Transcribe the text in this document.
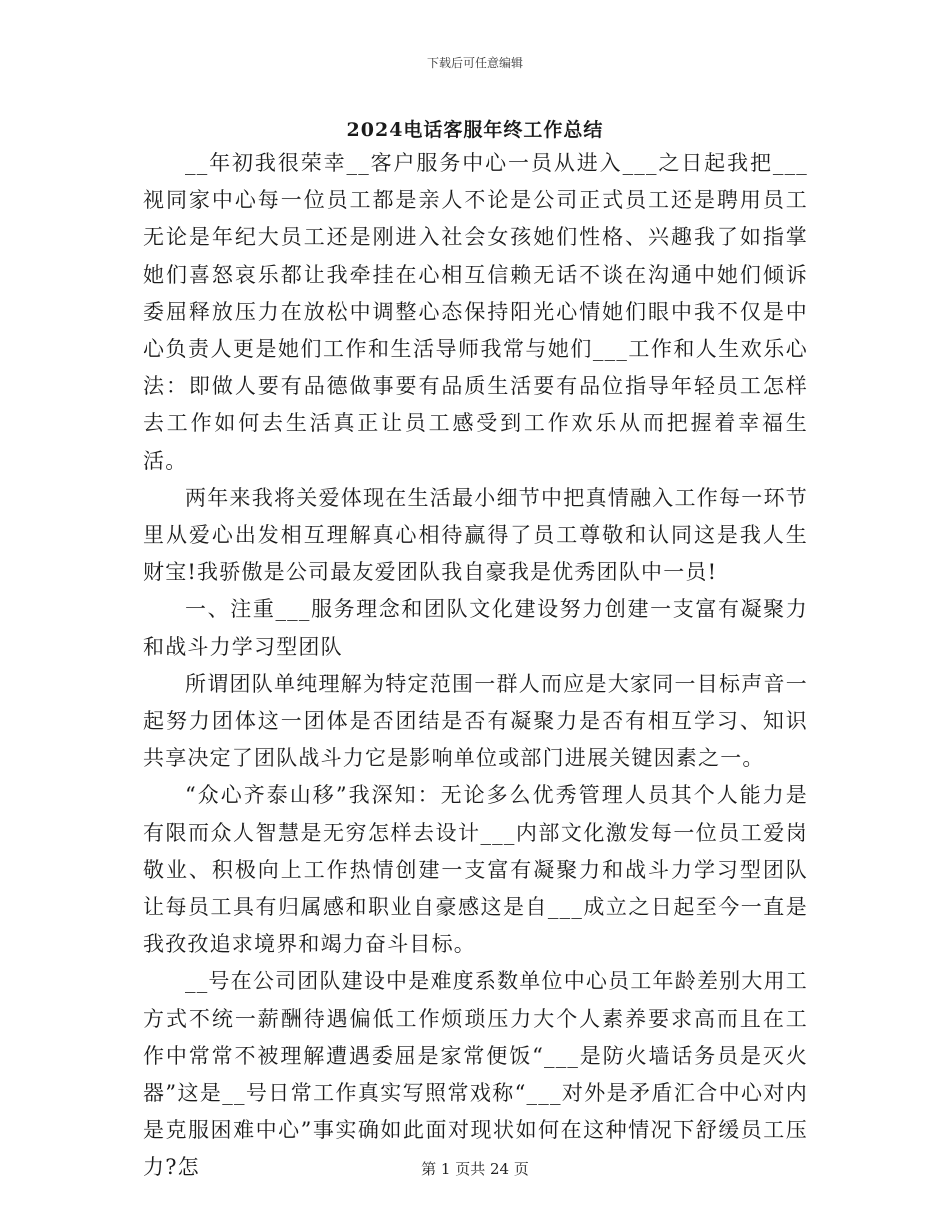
下载后可任意编辑
2024电话客服年终工作总结

__年初我很荣幸__客户服务中心一员从进入___之日起我把___视同家中心每一位员工都是亲人不论是公司正式员工还是聘用员工无论是年纪大员工还是刚进入社会女孩她们性格、兴趣我了如指掌她们喜怒哀乐都让我牵挂在心相互信赖无话不谈在沟通中她们倾诉委屈释放压力在放松中调整心态保持阳光心情她们眼中我不仅是中心负责人更是她们工作和生活导师我常与她们___工作和人生欢乐心法：即做人要有品德做事要有品质生活要有品位指导年轻员工怎样去工作如何去生活真正让员工感受到工作欢乐从而把握着幸福生活。

两年来我将关爱体现在生活最小细节中把真情融入工作每一环节里从爱心出发相互理解真心相待赢得了员工尊敬和认同这是我人生财宝!我骄傲是公司最友爱团队我自豪我是优秀团队中一员!

一、注重___服务理念和团队文化建设努力创建一支富有凝聚力和战斗力学习型团队

所谓团队单纯理解为特定范围一群人而应是大家同一目标声音一起努力团体这一团体是否团结是否有凝聚力是否有相互学习、知识共享决定了团队战斗力它是影响单位或部门进展关键因素之一。

“众心齐泰山移”我深知：无论多么优秀管理人员其个人能力是有限而众人智慧是无穷怎样去设计___内部文化激发每一位员工爱岗敬业、积极向上工作热情创建一支富有凝聚力和战斗力学习型团队让每员工具有归属感和职业自豪感这是自___成立之日起至今一直是我孜孜追求境界和竭力奋斗目标。

__号在公司团队建设中是难度系数单位中心员工年龄差别大用工方式不统一薪酬待遇偏低工作烦琐压力大个人素养要求高而且在工作中常常不被理解遭遇委屈是家常便饭“___是防火墙话务员是灭火器”这是__号日常工作真实写照常戏称“___对外是矛盾汇合中心对内是克服困难中心”事实确如此面对现状如何在这种情况下舒缓员工压力?怎	第 1 页共 24 页
